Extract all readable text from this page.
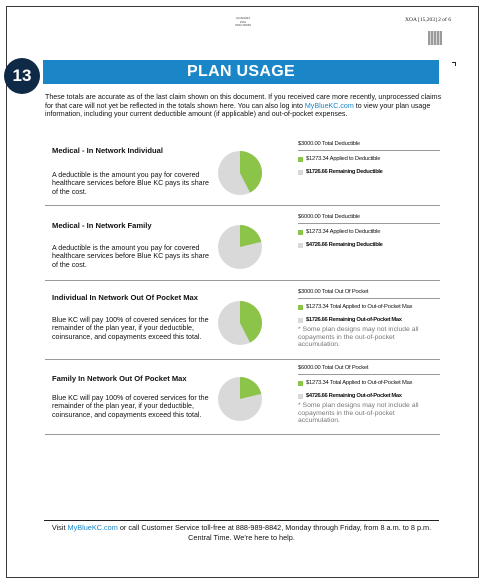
3x15/2024
ZOA
0042 00045
XOA [15,203] 2 of 6
13	PLAN USAGE
These totals are accurate as of the last claim shown on this document. If you received care more recently, unprocessed claims for that care will not yet be reflected in the totals shown here. You can also log into MyBlueKC.com to view your plan usage information, including your current deductible amount (if applicable) and out-of-pocket expenses.
Medical - In Network Individual
A deductible is the amount you pay for covered healthcare services before Blue KC pays its share of the cost.
$3000.00 Total Deductible
$1273.34 Applied to Deductible
$1726.66 Remaining Deductible
Medical - In Network Family
A deductible is the amount you pay for covered healthcare services before Blue KC pays its share of the cost.
$6000.00 Total Deductible
$1273.34 Applied to Deductible
$4726.66 Remaining Deductible
Individual In Network Out Of Pocket Max
Blue KC will pay 100% of covered services for the remainder of the plan year, if your deductible, coinsurance, and copayments exceed this total.
$3000.00 Total Out Of Pocket
$1273.34 Total Applied to Out-of-Pocket Max
$1726.66 Remaining Out-of-Pocket Max
* Some plan designs may not include all copayments in the out-of-pocket accumulation.
Family In Network Out Of Pocket Max
Blue KC will pay 100% of covered services for the remainder of the plan year, if your deductible, coinsurance, and copayments exceed this total.
$6000.00 Total Out Of Pocket
$1273.34 Total Applied to Out-of-Pocket Max
$4726.66 Remaining Out-of-Pocket Max
* Some plan designs may not include all copayments in the out-of-pocket accumulation.
Visit MyBlueKC.com or call Customer Service toll-free at 888-989-8842, Monday through Friday, from 8 a.m. to 8 p.m. Central Time. We're here to help.
